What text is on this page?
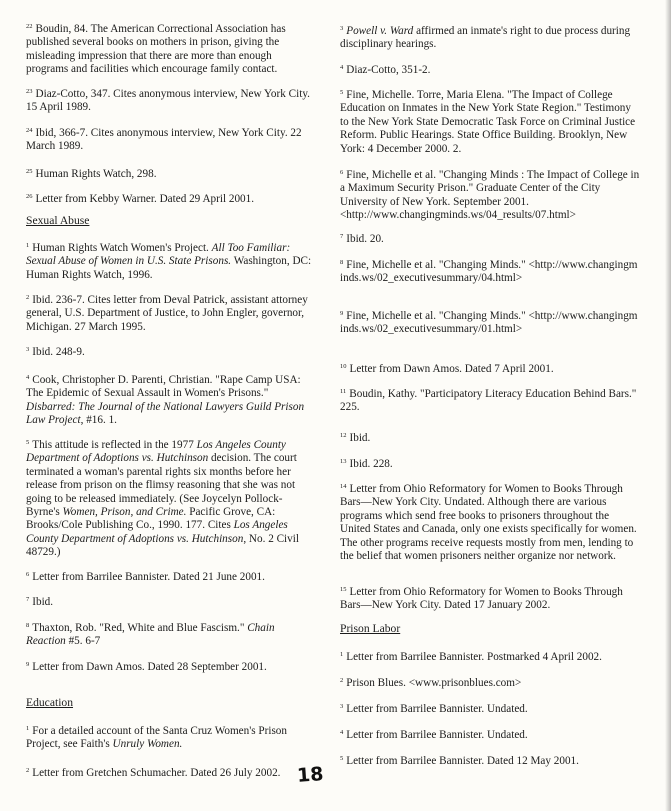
$^{22}$ Boudin, 84. The American Correctional Association has published several books on mothers in prison, giving the misleading impression that there are more than enough programs and facilities which encourage family contact.

$^{23}$ Diaz-Cotto, 347. Cites anonymous interview, New York City. 15 April 1989.

$^{24}$ Ibid, 366-7. Cites anonymous interview, New York City. 22 March 1989.

$^{25}$ Human Rights Watch, 298.

$^{26}$ Letter from Kebby Warner. Dated 29 April 2001.

Sexual Abuse

$^1$ Human Rights Watch Women's Project. All Too Familiar: Sexual Abuse of Women in U.S. State Prisons. Washington, DC: Human Rights Watch, 1996.

$^2$ Ibid. 236-7. Cites letter from Deval Patrick, assistant attorney general, U.S. Department of Justice, to John Engler, governor, Michigan. 27 March 1995.

$^3$ Ibid. 248-9.

$^4$ Cook, Christopher D. Parenti, Christian. "Rape Camp USA: The Epidemic of Sexual Assault in Women's Prisons." Disbarred: The Journal of the National Lawyers Guild Prison Law Project, #16. 1.

$^5$ This attitude is reflected in the 1977 Los Angeles County Department of Adoptions vs. Hutchinson decision. The court terminated a woman's parental rights six months before her release from prison on the flimsy reasoning that she was not going to be released immediately. (See Joycelyn Pollock-Byrne's Women, Prison, and Crime. Pacific Grove, CA: Brooks/Cole Publishing Co., 1990. 177. Cites Los Angeles County Department of Adoptions vs. Hutchinson, No. 2 Civil 48729.)

$^6$ Letter from Barrilee Bannister. Dated 21 June 2001.

$^7$ Ibid.

$^8$ Thaxton, Rob. "Red, White and Blue Fascism." Chain Reaction #5. 6-7

$^9$ Letter from Dawn Amos. Dated 28 September 2001.

Education

$^1$ For a detailed account of the Santa Cruz Women's Prison Project, see Faith's Unruly Women.

$^2$ Letter from Gretchen Schumacher. Dated 26 July 2002.

$^3$ Powell v. Ward affirmed an inmate's right to due process during disciplinary hearings.

$^4$ Diaz-Cotto, 351-2.

$^5$ Fine, Michelle. Torre, Maria Elena. "The Impact of College Education on Inmates in the New York State Region." Testimony to the New York State Democratic Task Force on Criminal Justice Reform. Public Hearings. State Office Building. Brooklyn, New York: 4 December 2000. 2.

$^6$ Fine, Michelle et al. "Changing Minds : The Impact of College in a Maximum Security Prison." Graduate Center of the City University of New York. September 2001. <http://www.changingminds.ws/04_results/07.html>

$^7$ Ibid. 20.

$^8$ Fine, Michelle et al. "Changing Minds." <http://www.changingminds.ws/02_executivesummary/04.html>

$^9$ Fine, Michelle et al. "Changing Minds." <http://www.changingminds.ws/02_executivesummary/01.html>

$^{10}$ Letter from Dawn Amos. Dated 7 April 2001.

$^{11}$ Boudin, Kathy. "Participatory Literacy Education Behind Bars." 225.

$^{12}$ Ibid.

$^{13}$ Ibid. 228.

$^{14}$ Letter from Ohio Reformatory for Women to Books Through Bars—New York City. Undated. Although there are various programs which send free books to prisoners throughout the United States and Canada, only one exists specifically for women. The other programs receive requests mostly from men, lending to the belief that women prisoners neither organize nor network.

$^{15}$ Letter from Ohio Reformatory for Women to Books Through Bars—New York City. Dated 17 January 2002.

Prison Labor

$^1$ Letter from Barrilee Bannister. Postmarked 4 April 2002.

$^2$ Prison Blues. <www.prisonblues.com>

$^3$ Letter from Barrilee Bannister. Undated.

$^4$ Letter from Barrilee Bannister. Undated.

$^5$ Letter from Barrilee Bannister. Dated 12 May 2001.

18
